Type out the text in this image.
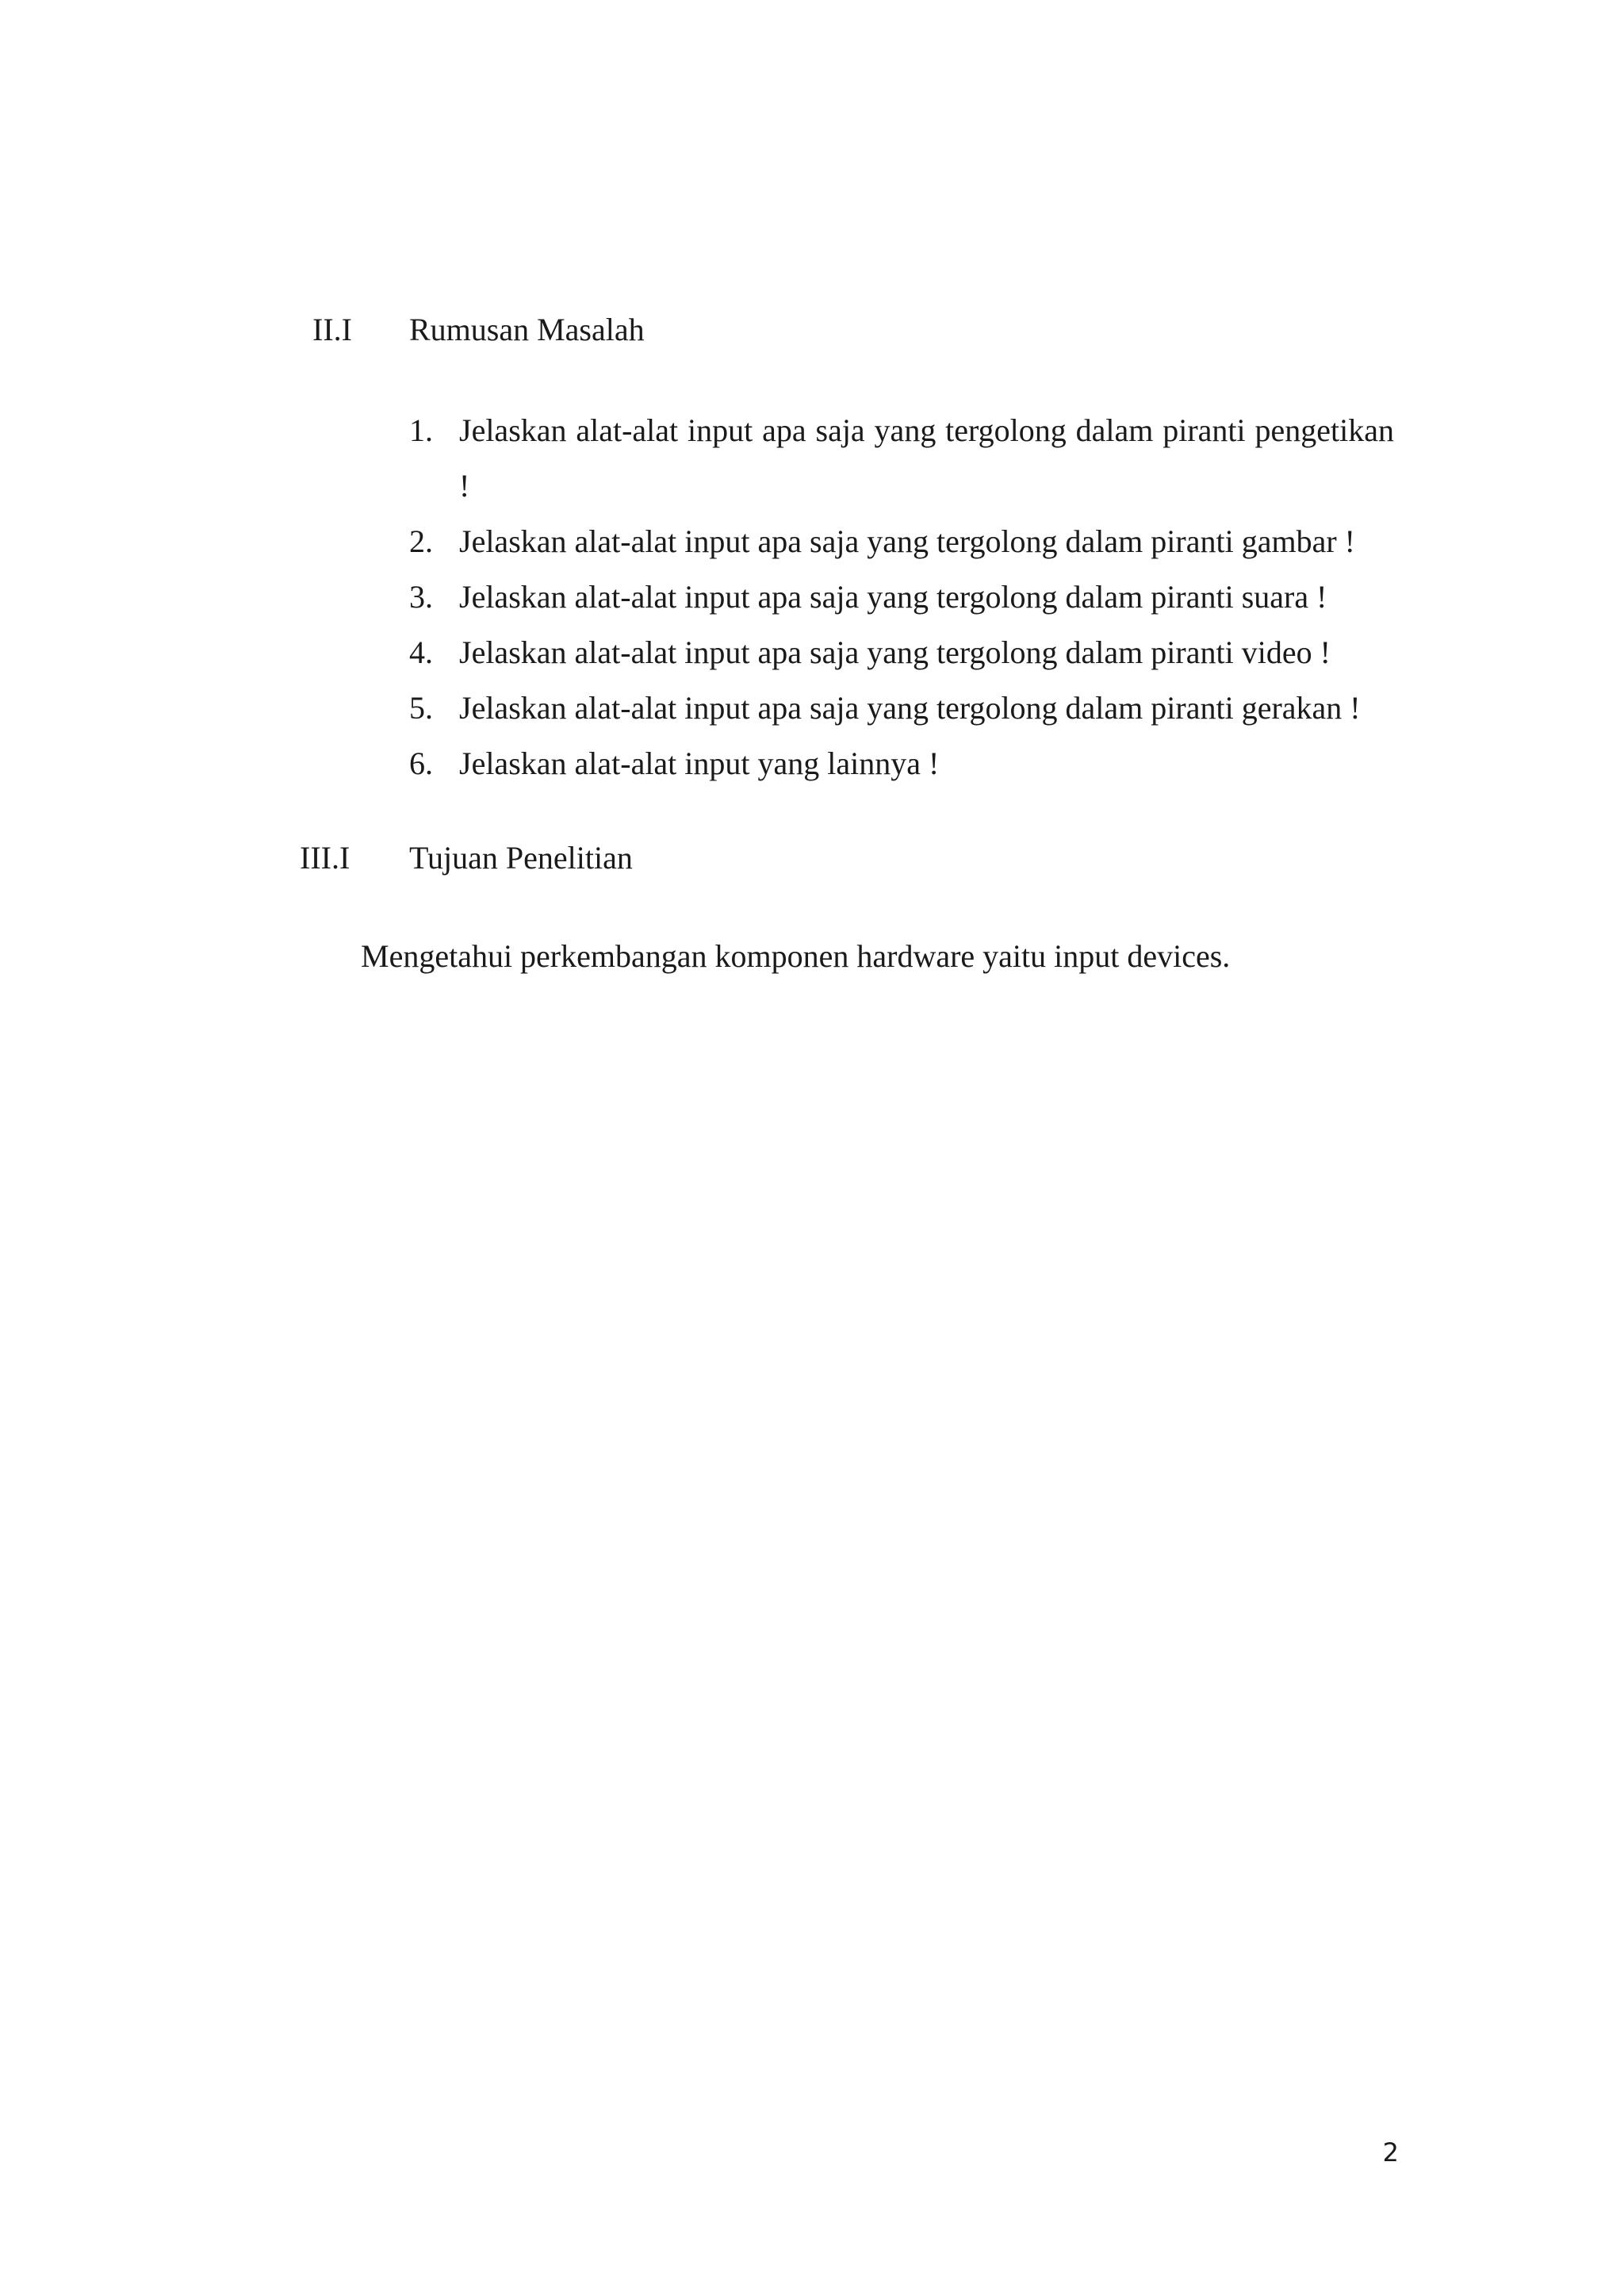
II.I Rumusan Masalah
1. Jelaskan alat-alat input apa saja yang tergolong dalam piranti pengetikan !
2. Jelaskan alat-alat input apa saja yang tergolong dalam piranti gambar !
3. Jelaskan alat-alat input apa saja yang tergolong dalam piranti suara !
4. Jelaskan alat-alat input apa saja yang tergolong dalam piranti video !
5. Jelaskan alat-alat input apa saja yang tergolong dalam piranti gerakan !
6. Jelaskan alat-alat input yang lainnya !
III.I Tujuan Penelitian

Mengetahui perkembangan komponen hardware yaitu input devices.

2
